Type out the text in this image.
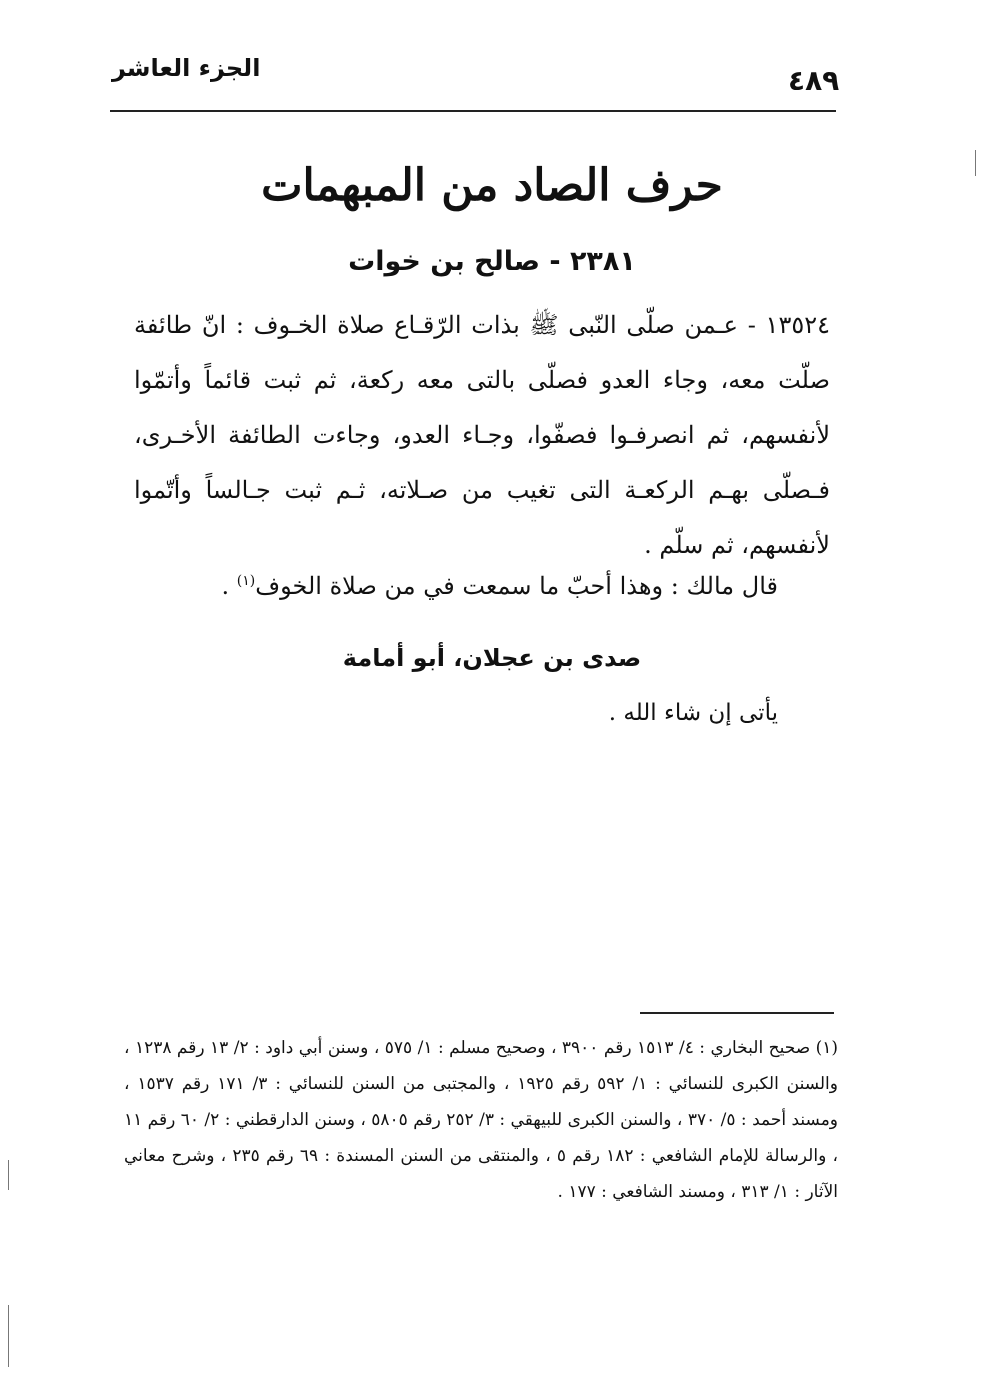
الجزء العاشر	٤٨٩
حرف الصاد من المبهمات
٢٣٨١ - صالح بن خوات
١٣٥٢٤ - عـمن صلّى النّبى ﷺ بذات الرّقـاع صلاة الخـوف : انّ طائفة صلّت معه، وجاء العدو فصلّى بالتى معه ركعة، ثم ثبت قائماً وأتمّوا لأنفسهم، ثم انصرفـوا فصفّوا، وجـاء العدو، وجاءت الطائفة الأخـرى، فـصلّى بهـم الركعـة التى تغيب من صـلاته، ثـم ثبت جـالساً وأتّموا لأنفسهم، ثم سلّم .
قال مالك : وهذا أحبّ ما سمعت في من صلاة الخوف$^{(١)}$ .
صدى بن عجلان، أبو أمامة
يأتى إن شاء الله .
(١) صحيح البخاري : ٤/ ١٥١٣ رقم ٣٩٠٠ ، وصحيح مسلم : ١/ ٥٧٥ ، وسنن أبي داود : ٢/ ١٣ رقم ١٢٣٨ ، والسنن الكبرى للنسائي : ١/ ٥٩٢ رقم ١٩٢٥ ، والمجتبى من السنن للنسائي : ٣/ ١٧١ رقم ١٥٣٧ ، ومسند أحمد : ٥/ ٣٧٠ ، والسنن الكبرى للبيهقي : ٣/ ٢٥٢ رقم ٥٨٠٥ ، وسنن الدارقطني : ٢/ ٦٠ رقم ١١ ، والرسالة للإمام الشافعي : ١٨٢ رقم ٥ ، والمنتقى من السنن المسندة : ٦٩ رقم ٢٣٥ ، وشرح معاني الآثار : ١/ ٣١٣ ، ومسند الشافعي : ١٧٧ .
